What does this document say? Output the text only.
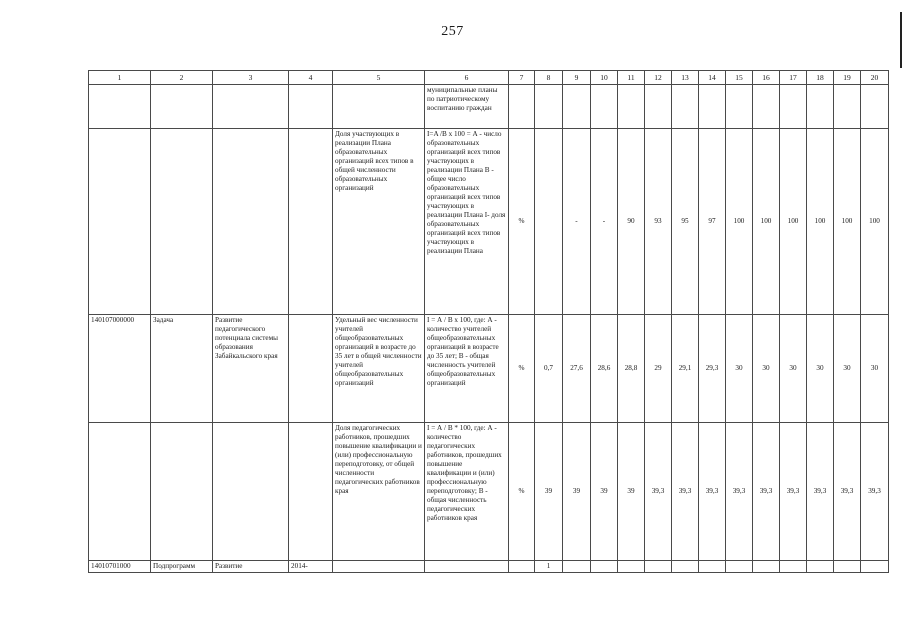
257
1	2	3	4	5	6	7	8	9	10	11	12	13	14	15	16	17	18	19	20
					муниципальные планы по патриотическому воспитанию граждан														
				Доля участвующих в реализации Плана образовательных организаций всех типов в общей численности образовательных организаций	I=A /B x 100 = А - число образовательных организаций всех типов участвующих в реализации Плана В - общее число образовательных организаций всех типов участвующих в реализации Плана I- доля образовательных организаций всех типов участвующих в реализации Плана	%		-	-	90	93	95	97	100	100	100	100	100	100
140107000000	Задача	Развитие педагогического потенциала системы образования Забайкальского края		Удельный вес численности учителей общеобразовательных организаций в возрасте до 35 лет в общей численности учителей общеобразовательных организаций	I = А / В х 100, где: А - количество учителей общеобразовательных организаций в возрасте до 35 лет; В - общая численность учителей общеобразовательных организаций	%	0,7	27,6	28,6	28,8	29	29,1	29,3	30	30	30	30	30	30
				Доля педагогических работников, прошедших повышение квалификации и (или) профессиональную переподготовку, от общей численности педагогических работников края	I = А / В * 100, где: А - количество педагогических работников, прошедших повышение квалификации и (или) профессиональную переподготовку; В - общая численность педагогических работников края	%	39	39	39	39	39,3	39,3	39,3	39,3	39,3	39,3	39,3	39,3	39,3
14010701000	Подпрограмм	Развитие	2014-				1												
